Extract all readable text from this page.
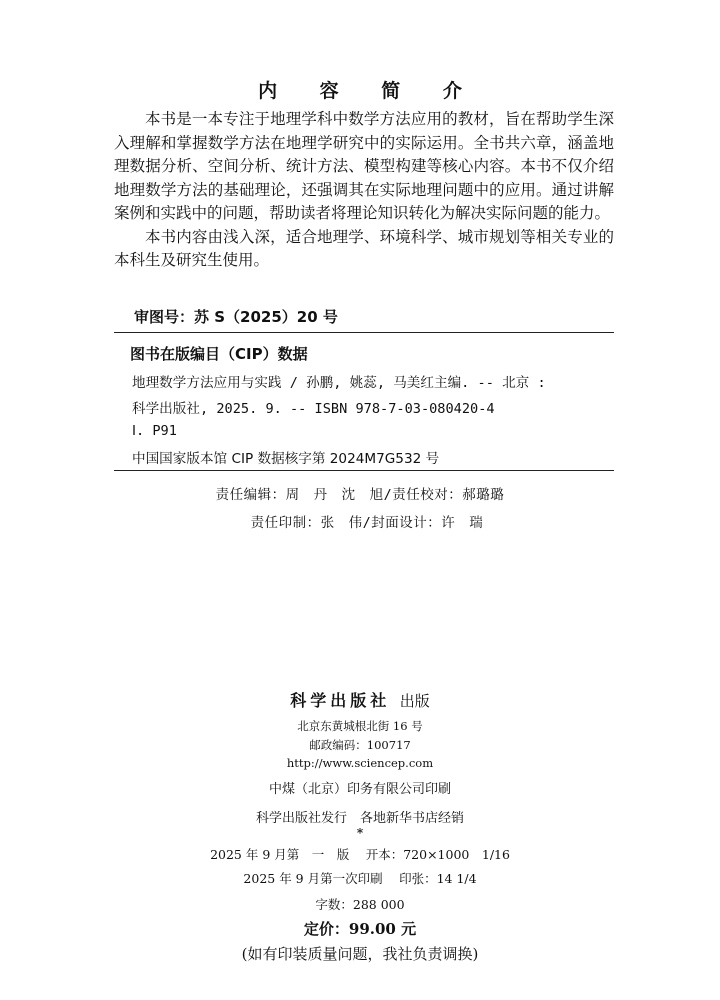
内 容 简 介

本书是一本专注于地理学科中数学方法应用的教材，旨在帮助学生深入理解和掌握数学方法在地理学研究中的实际运用。全书共六章，涵盖地理数据分析、空间分析、统计方法、模型构建等核心内容。本书不仅介绍地理数学方法的基础理论，还强调其在实际地理问题中的应用。通过讲解案例和实践中的问题，帮助读者将理论知识转化为解决实际问题的能力。

本书内容由浅入深，适合地理学、环境科学、城市规划等相关专业的本科生及研究生使用。

审图号：苏 S（2025）20 号
图书在版编目（CIP）数据
地理数学方法应用与实践 / 孙鹏, 姚蕊, 马美红主编. -- 北京 :
科学出版社, 2025. 9. -- ISBN 978-7-03-080420-4
Ⅰ. P91
中国国家版本馆 CIP 数据核字第 2024M7G532 号
责任编辑：周　丹　沈　旭/责任校对：郝璐璐
责任印制：张　伟/封面设计：许　瑞
科学出版社 出版
北京东黄城根北街 16 号
邮政编码：100717
http://www.sciencep.com
中煤（北京）印务有限公司印刷
科学出版社发行　各地新华书店经销
*
2025 年 9 月第　一　版　 开本：720×1000　1/16
2025 年 9 月第一次印刷　 印张：14 1/4
字数：288 000
定价：99.00 元
(如有印装质量问题，我社负责调换)
